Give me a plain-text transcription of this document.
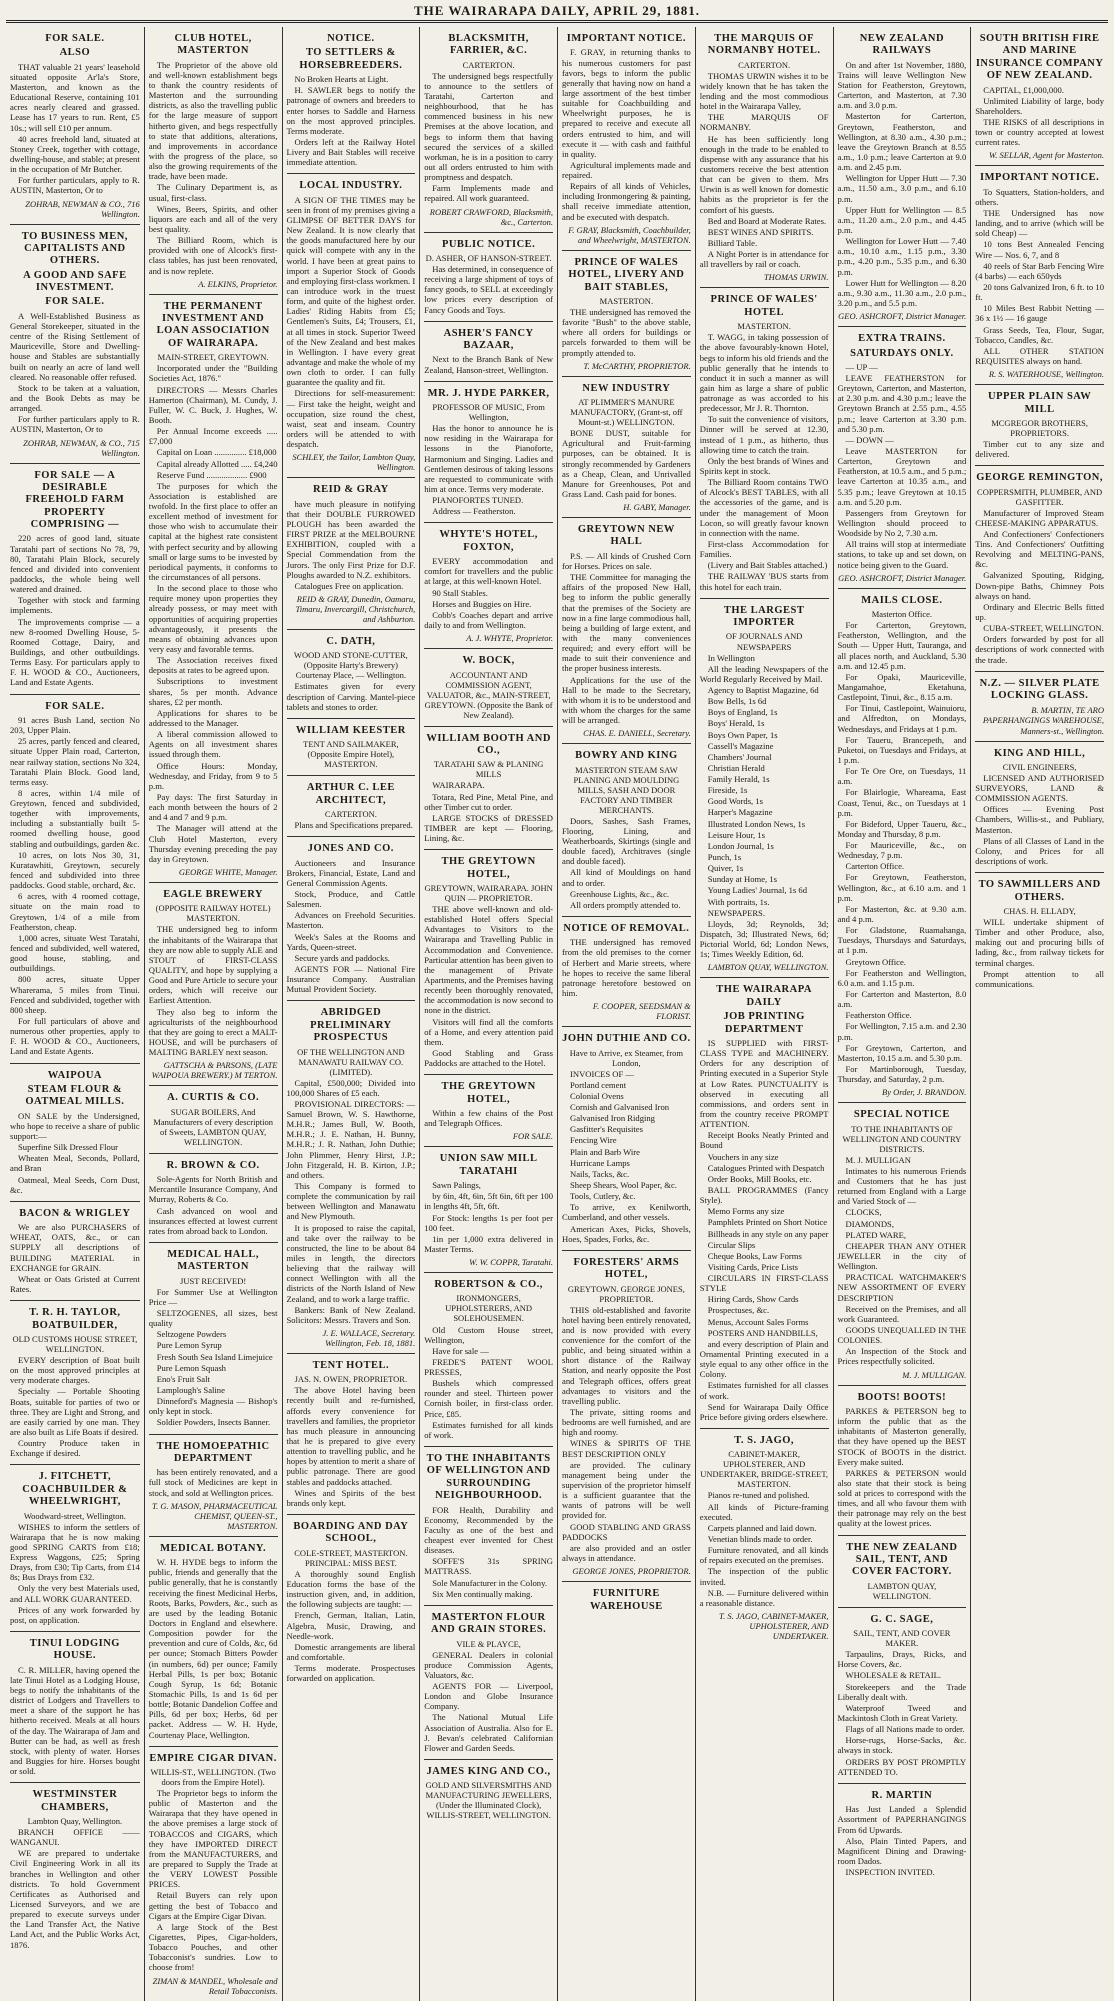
THE WAIRARAPA DAILY, APRIL 29, 1881.
FOR SALE.
ALSO
THAT valuable 21 years' leasehold situated opposite Ar'la's Store, Masterton, and known as the Educational Reserve, containing 101 acres nearly cleared and grassed. Lease has 17 years to run. Rent, £5 10s.; will sell £10 per annum.
40 acres freehold land, situated at Stoney Creek, together with cottage, dwelling-house, and stable; at present in the occupation of Mr Butcher.
For further particulars, apply to R. AUSTIN, Masterton, Or to
ZOHRAB, NEWMAN & CO., 716 Wellington.
TO BUSINESS MEN, CAPITALISTS AND OTHERS.
A GOOD AND SAFE INVESTMENT.
FOR SALE.
A Well-Established Business as General Storekeeper, situated in the centre of the Rising Settlement of Mauriceville, Store and Dwelling-house and Stables are substantially built on nearly an acre of land well cleared. No reasonable offer refused.
Stock to be taken at a valuation, and the Book Debts as may be arranged.
For further particulars apply to R. AUSTIN, Masterton, Or to
ZOHRAB, NEWMAN, & CO., 715 Wellington.
FOR SALE — A DESIRABLE FREEHOLD FARM PROPERTY COMPRISING —
220 acres of good land, situate Taratahi part of sections No 78, 79, 80, Taratahi Plain Block, securely fenced and divided into convenient paddocks, the whole being well watered and drained.
Together with stock and farming implements.
The improvements comprise — a new 8-roomed Dwelling House, 5-Roomed Cottage, Dairy, and Buildings, and other outbuildings. Terms Easy. For particulars apply to F. H. WOOD & CO., Auctioneers, Land and Estate Agents.
FOR SALE.
91 acres Bush Land, section No 203, Upper Plain.
25 acres, partly fenced and cleared, situate Upper Plain road, Carterton, near railway station, sections No 324, Taratahi Plain Block. Good land, terms easy.
8 acres, within 1/4 mile of Greytown, fenced and subdivided, together with improvements, including a substantially built 5-roomed dwelling house, good stabling and outbuildings, garden &c.
10 acres, on lots Nos 30, 31, Kuratawhiti, Greytown, securely fenced and subdivided into three paddocks. Good stable, orchard, &c.
6 acres, with 4 roomed cottage, situate on the main road to Greytown, 1/4 of a mile from Featherston, cheap.
1,000 acres, situate West Taratahi, fenced and subdivided, well watered, good house, stabling, and outbuildings.
800 acres, situate Upper Wharerama, 5 miles from Tinui. Fenced and subdivided, together with 800 sheep.
For full particulars of above and numerous other properties, apply to F. H. WOOD & CO., Auctioneers, Land and Estate Agents.
WAIPOUA
STEAM FLOUR & OATMEAL MILLS.
ON SALE by the Undersigned, who hope to receive a share of public support:—
Superfine Silk Dressed Flour
Wheaten Meal, Seconds, Pollard, and Bran
Oatmeal, Meal Seeds, Corn Dust, &c.
BACON & WRIGLEY
We are also PURCHASERS of WHEAT, OATS, &c., or can SUPPLY all descriptions of BUILDING MATERIAL in EXCHANGE for GRAIN.
Wheat or Oats Gristed at Current Rates.
T. R. H. TAYLOR, BOATBUILDER,
OLD CUSTOMS HOUSE STREET, WELLINGTON.
EVERY description of Boat built on the most approved principles at very moderate charges.
Specialty — Portable Shooting Boats, suitable for parties of two or three. They are Light and Strong, and are easily carried by one man. They are also built as Life Boats if desired.
Country Produce taken in Exchange if desired.
J. FITCHETT, COACHBUILDER & WHEELWRIGHT,
Woodward-street, Wellington.
WISHES to inform the settlers of Wairarapa that he is now making good SPRING CARTS from £18; Express Waggons, £25; Spring Drays, from £30; Tip Carts, from £14 8s; Bus Drays from £32.
Only the very best Materials used, and ALL WORK GUARANTEED.
Prices of any work forwarded by post, on application.
TINUI LODGING HOUSE.
C. R. MILLER, having opened the late Tinui Hotel as a Lodging House, begs to notify the inhabitants of the district of Lodgers and Travellers to meet a share of the support he has hitherto received. Meals at all hours of the day. The Wairarapa of Jam and Butter can be had, as well as fresh stock, with plenty of water. Horses and Buggies for hire. Horses bought or sold.
WESTMINSTER CHAMBERS,
Lambton Quay, Wellington.
BRANCH OFFICE —— WANGANUI.
WE are prepared to undertake Civil Engineering Work in all its branches in Wellington and other districts. To hold Government Certificates as Authorised and Licensed Surveyors, and we are prepared to execute surveys under the Land Transfer Act, the Native Land Act, and the Public Works Act, 1876.
CLUB HOTEL, MASTERTON
The Proprietor of the above old and well-known establishment begs to thank the country residents of Masterton and the surrounding districts, as also the travelling public for the large measure of support hitherto given, and begs respectfully to state that additions, alterations, and improvements in accordance with the progress of the place, so also the growing requirements of the trade, have been made.
The Culinary Department is, as usual, first-class.
Wines, Beers, Spirits, and other liquors are each and all of the very best quality.
The Billiard Room, which is provided with one of Alcock's first-class tables, has just been renovated, and is now replete.
A. ELKINS, Proprietor.
THE PERMANENT INVESTMENT AND LOAN ASSOCIATION OF WAIRARAPA.
MAIN-STREET, GREYTOWN.
Incorporated under the "Building Societies Act, 1876."
DIRECTORS — Messrs Charles Hamerton (Chairman), M. Cundy, J. Fuller, W. C. Buck, J. Hughes, W. Booth.
Per Annual Income exceeds ..... £7,000
Capital on Loan ............... £18,000
Capital already Allotted ..... £4,240
Reserve Fund ................... £900
The purposes for which the Association is established are twofold. In the first place to offer an excellent method of investment for those who wish to accumulate their capital at the highest rate consistent with perfect security and by allowing small or large sums to be invested by periodical payments, it conforms to the circumstances of all persons.
In the second place to those who require money upon properties they already possess, or may meet with opportunities of acquiring properties advantageously, it presents the means of obtaining advances upon very easy and favorable terms.
The Association receives fixed deposits at rates to be agreed upon.
Subscriptions to investment shares, 5s per month. Advance shares, £2 per month.
Applications for shares to be addressed to the Manager.
A liberal commission allowed to Agents on all investment shares issued through them.
Office Hours: Monday, Wednesday, and Friday, from 9 to 5 p.m.
Pay days: The first Saturday in each month between the hours of 2 and 4 and 7 and 9 p.m.
The Manager will attend at the Club Hotel Masterton, every Thursday evening preceding the pay day in Greytown.
GEORGE WHITE, Manager.
EAGLE BREWERY
(OPPOSITE RAILWAY HOTEL) MASTERTON.
THE undersigned beg to inform the inhabitants of the Wairarapa that they are now able to supply ALE and STOUT of FIRST-CLASS QUALITY, and hope by supplying a Good and Pure Article to secure your orders, which will receive our Earliest Attention.
They also beg to inform the agriculturists of the neighbourhood that they are going to erect a MALT-HOUSE, and will be purchasers of MALTING BARLEY next season.
GATTSCHA & PARSONS, (LATE WAIPOUA BREWERY.) M TERTON.
A. CURTIS & CO.
SUGAR BOILERS, And Manufacturers of every description of Sweets, LAMBTON QUAY, WELLINGTON.
R. BROWN & CO.
Sole-Agents for North British and Mercantile Insurance Company, And Murray, Roberts & Co.
Cash advanced on wool and insurances effected at lowest current rates from abroad back to London.
MEDICAL HALL, MASTERTON
JUST RECEIVED!
For Summer Use at Wellington Price —
SELTZOGENES, all sizes, best quality
Seltzogene Powders
Pure Lemon Syrup
Fresh South Sea Island Limejuice
Pure Lemon Squash
Eno's Fruit Salt
Lamplough's Saline
Dinneford's Magnesia — Bishop's only kept in stock.
Soldier Powders, Insects Banner.
THE HOMOEPATHIC DEPARTMENT
has been entirely renovated, and a full stock of Medicines are kept in stock, and sold at Wellington prices.
T. G. MASON, PHARMACEUTICAL CHEMIST, QUEEN-ST., MASTERTON.
MEDICAL BOTANY.
W. H. HYDE begs to inform the public, friends and generally that the public generally, that he is constantly receiving the finest Medicinal Herbs, Roots, Barks, Powders, &c., such as are used by the leading Botanic Doctors in England and elsewhere. Composition powder for the prevention and cure of Colds, &c, 6d per ounce; Stomach Bitters Powder (in numbers, 6d) per ounce; Family Herbal Pills, 1s per box; Botanic Cough Syrup, 1s 6d; Botanic Stomachic Pills, 1s and 1s 6d per bottle; Botanic Dandelion Coffee and Pills, 6d per box; Herbs, 6d per packet. Address — W. H. Hyde, Courtenay Place, Wellington.
EMPIRE CIGAR DIVAN.
WILLIS-ST., WELLINGTON. (Two doors from the Empire Hotel).
The Proprietor begs to inform the public of Masterton and the Wairarapa that they have opened in the above premises a large stock of TOBACCOS and CIGARS, which they have IMPORTED DIRECT from the MANUFACTURERS, and are prepared to Supply the Trade at the VERY LOWEST Possible PRICES.
Retail Buyers can rely upon getting the best of Tobacco and Cigars at the Empire Cigar Divan.
A large Stock of the Best Cigarettes, Pipes, Cigar-holders, Tobacco Pouches, and other Tobacconist's sundries. Low to choose from!
ZIMAN & MANDEL, Wholesale and Retail Tobacconists.
NOTICE.
TO SETTLERS & HORSEBREEDERS.
No Broken Hearts at Light.
H. SAWLER begs to notify the patronage of owners and breeders to enter horses to Saddle and Harness on the most approved principles. Terms moderate.
Orders left at the Railway Hotel Livery and Bait Stables will receive immediate attention.
LOCAL INDUSTRY.
A SIGN OF THE TIMES may be seen in front of my premises giving a GLIMPSE OF BETTER DAYS for New Zealand. It is now clearly that the goods manufactured here by our quick will compete with any in the world. I have been at great pains to import a Superior Stock of Goods and employing first-class workmen. I can introduce work in the truest form, and quite of the highest order. Ladies' Riding Habits from £5; Gentlemen's Suits, £4; Trousers, £1, at all times in stock. Superior Tweed of the New Zealand and best makes in Wellington. I have every great advantage and make the whole of my own cloth to order. I can fully guarantee the quality and fit.
Directions for self-measurement: — First take the height, weight and occupation, size round the chest, waist, seat and inseam. Country orders will be attended to with despatch.
SCHLEY, the Tailor, Lambton Quay, Wellington.
REID & GRAY
have much pleasure in notifying that their DOUBLE FURROWED PLOUGH has been awarded the FIRST PRIZE at the MELBOURNE EXHIBITION, coupled with a Special Commendation from the Jurors. The only First Prize for D.F. Ploughs awarded to N.Z. exhibitors.
Catalogues Free on application.
REID & GRAY, Dunedin, Oamaru, Timaru, Invercargill, Christchurch, and Ashburton.
C. DATH,
WOOD AND STONE-CUTTER, (Opposite Harty's Brewery) Courtenay Place, — Wellington.
Estimates given for every description of Carving. Mantel-piece tablets and stones to order.
WILLIAM KEESTER
TENT AND SAILMAKER, (Opposite Empire Hotel), MASTERTON.
ARTHUR C. LEE ARCHITECT,
CARTERTON.
Plans and Specifications prepared.
JONES AND CO.
Auctioneers and Insurance Brokers, Financial, Estate, Land and General Commission Agents.
Stock, Produce, and Cattle Salesmen.
Advances on Freehold Securities. Masterton.
Week's Sales at the Rooms and Yards, Queen-street.
Secure yards and paddocks.
AGENTS FOR — National Fire Insurance Company. Australian Mutual Provident Society.
ABRIDGED PRELIMINARY PROSPECTUS
OF THE WELLINGTON AND MANAWATU RAILWAY CO. (LIMITED).
Capital, £500,000; Divided into 100,000 Shares of £5 each.
PROVISIONAL DIRECTORS: — Samuel Brown, W. S. Hawthorne, M.H.R.; James Bull, W. Booth, M.H.R.; J. E. Nathan, H. Bunny, M.H.R.; J. R. Nathan, John Duthie; John Plimmer, Henry Hirst, J.P.; John Fitzgerald, H. B. Kirton, J.P.; and others.
This Company is formed to complete the communication by rail between Wellington and Manawatu and New Plymouth.
It is proposed to raise the capital, and take over the railway to be constructed, the line to be about 84 miles in length, the directors believing that the railway will connect Wellington with all the districts of the North Island of New Zealand, and to work a large traffic.
Bankers: Bank of New Zealand. Solicitors: Messrs. Travers and Son.
J. E. WALLACE, Secretary. Wellington, Feb. 18, 1881.
TENT HOTEL.
JAS. N. OWEN, PROPRIETOR.
The above Hotel having been recently built and re-furnished, affords every convenience for travellers and families, the proprietor has much pleasure in announcing that he is prepared to give every attention to travelling public, and he hopes by attention to merit a share of public patronage. There are good stables and paddocks attached.
Wines and Spirits of the best brands only kept.
BOARDING AND DAY SCHOOL,
COLE-STREET, MASTERTON. PRINCIPAL: MISS BEST.
A thoroughly sound English Education forms the base of the instruction given, and, in addition, the following subjects are taught: —
French, German, Italian, Latin, Algebra, Music, Drawing, and Needle-work.
Domestic arrangements are liberal and comfortable.
Terms moderate. Prospectuses forwarded on application.
BLACKSMITH, FARRIER, &C.
CARTERTON.
The undersigned begs respectfully to announce to the settlers of Taratahi, Carterton and neighbourhood, that he has commenced business in his new Premises at the above location, and begs to inform them that having secured the services of a skilled workman, he is in a position to carry out all orders entrusted to him with promptness and despatch.
Farm Implements made and repaired. All work guaranteed.
ROBERT CRAWFORD, Blacksmith, &c., Carterton.
PUBLIC NOTICE.
D. ASHER, OF HANSON-STREET.
Has determined, in consequence of receiving a large shipment of toys of fancy goods, to SELL at exceedingly low prices every description of Fancy Goods and Toys.
ASHER'S FANCY BAZAAR,
Next to the Branch Bank of New Zealand, Hanson-street, Wellington.
MR. J. HYDE PARKER,
PROFESSOR OF MUSIC, From Wellington,
Has the honor to announce he is now residing in the Wairarapa for lessons in the Pianoforte, Harmonium and Singing. Ladies and Gentlemen desirous of taking lessons are requested to communicate with him at once. Terms very moderate.
PIANOFORTES TUNED.
Address — Featherston.
WHYTE'S HOTEL, FOXTON,
EVERY accommodation and comfort for travellers and the public at large, at this well-known Hotel.
90 Stall Stables.
Horses and Buggies on Hire.
Cobb's Coaches depart and arrive daily to and from Wellington.
A. J. WHYTE, Proprietor.
W. BOCK,
ACCOUNTANT AND COMMISSION AGENT, VALUATOR, &c., MAIN-STREET, GREYTOWN. (Opposite the Bank of New Zealand).
WILLIAM BOOTH AND CO.,
TARATAHI SAW & PLANING MILLS
WAIRARAPA.
Totara, Red Pine, Metal Pine, and other Timber cut to order.
LARGE STOCKS of DRESSED TIMBER are kept — Flooring, Lining, &c.
THE GREYTOWN HOTEL,
GREYTOWN, WAIRARAPA. JOHN QUIN — PROPRIETOR.
THE above well-known and old-established Hotel offers Special Advantages to Visitors to the Wairarapa and Travelling Public in Accommodation and Convenience. Particular attention has been given to the management of Private Apartments, and the Premises having recently been thoroughly renovated, the accommodation is now second to none in the district.
Visitors will find all the comforts of a Home, and every attention paid them.
Good Stabling and Grass Paddocks are attached to the Hotel.
THE GREYTOWN HOTEL,
Within a few chains of the Post and Telegraph Offices.
FOR SALE.
UNION SAW MILL TARATAHI
Sawn Palings,
by 6in, 4ft, 6in, 5ft 6in, 6ft per 100 in lengths 4ft, 5ft, 6ft.
For Stock: lengths 1s per foot per 100 feet.
1in per 1,000 extra delivered in Master Terms.
W. W. COPPR, Taratahi.
ROBERTSON & CO.,
IRONMONGERS, UPHOLSTERERS, AND SOLEHOUSEMEN.
Old Custom House street, Wellington,
Have for sale —
FREDE'S PATENT WOOL PRESSES,
Bushels which compressed rounder and steel. Thirteen power Cornish boiler, in first-class order. Price, £85.
Estimates furnished for all kinds of work.
TO THE INHABITANTS OF WELLINGTON AND SURROUNDING NEIGHBOURHOOD.
FOR Health, Durability and Economy, Recommended by the Faculty as one of the best and cheapest ever invented for Chest diseases.
SOFFE'S 31s SPRING MATTRASS.
Sole Manufacturer in the Colony.
Six Men continually making.
MASTERTON FLOUR AND GRAIN STORES.
VILE & PLAYCE,
GENERAL Dealers in colonial produce Commission Agents, Valuators, &c.
AGENTS FOR — Liverpool, London and Globe Insurance Company.
The National Mutual Life Association of Australia. Also for E. J. Bevan's celebrated Californian Flower and Garden Seeds.
JAMES KING AND CO.,
GOLD AND SILVERSMITHS AND MANUFACTURING JEWELLERS, (Under the Illuminated Clock), WILLIS-STREET, WELLINGTON.
IMPORTANT NOTICE.
F. GRAY, in returning thanks to his numerous customers for past favors, begs to inform the public generally that having now on hand a large assortment of the best timber suitable for Coachbuilding and Wheelwright purposes, he is prepared to receive and execute all orders entrusted to him, and will execute it — with cash and faithful in quality.
Agricultural implements made and repaired.
Repairs of all kinds of Vehicles, including Ironmongering & painting, shall receive immediate attention, and be executed with despatch.
F. GRAY, Blacksmith, Coachbuilder, and Wheelwright, MASTERTON.
PRINCE OF WALES HOTEL, LIVERY AND BAIT STABLES,
MASTERTON.
THE undersigned has removed the favorite "Bush" to the above stable, where all orders for buildings or parcels forwarded to them will be promptly attended to.
T. McCARTHY, PROPRIETOR.
NEW INDUSTRY
AT PLIMMER'S MANURE MANUFACTORY, (Grant-st, off Mount-st.) WELLINGTON.
BONE DUST, suitable for Agricultural and Fruit-farming purposes, can be obtained. It is strongly recommended by Gardeners as a Cheap, Clean, and Unrivalled Manure for Greenhouses, Pot and Grass Land. Cash paid for bones.
H. GABY, Manager.
GREYTOWN NEW HALL
P.S. — All kinds of Crushed Corn for Horses. Prices on sale.
THE Committee for managing the affairs of the proposed New Hall, beg to inform the public generally that the premises of the Society are now in a fine large commodious hall, being a building of large extent, and with the many conveniences required; and every effort will be made to suit their convenience and the proper business interests.
Applications for the use of the Hall to be made to the Secretary, with whom it is to be understood and with whom the charges for the same will be arranged.
CHAS. E. DANIELL, Secretary.
BOWRY AND KING
MASTERTON STEAM SAW PLANING AND MOULDING MILLS, SASH AND DOOR FACTORY AND TIMBER MERCHANTS.
Doors, Sashes, Sash Frames, Flooring, Lining, and Weatherboards, Skirtings (single and double faced), Architraves (single and double faced).
All kind of Mouldings on hand and to order.
Greenhouse Lights, &c., &c.
All orders promptly attended to.
NOTICE OF REMOVAL.
THE undersigned has removed from the old premises to the corner of Herbert and Marie streets, where he hopes to receive the same liberal patronage heretofore bestowed on him.
F. COOPER, SEEDSMAN & FLORIST.
JOHN DUTHIE AND CO.
Have to Arrive, ex Steamer, from London,
INVOICES OF —
Portland cement
Colonial Ovens
Cornish and Galvanised Iron
Galvanised Iron Ridging
Gasfitter's Requisites
Fencing Wire
Plain and Barb Wire
Hurricane Lamps
Nails, Tacks, &c.
Sheep Shears, Wool Paper, &c.
Tools, Cutlery, &c.
To arrive, ex Kenilworth, Cumberland, and other vessels.
American Axes, Picks, Shovels, Hoes, Spades, Forks, &c.
FORESTERS' ARMS HOTEL,
GREYTOWN. GEORGE JONES, PROPRIETOR.
THIS old-established and favorite hotel having been entirely renovated, and is now provided with every convenience for the comfort of the public, and being situated within a short distance of the Railway Station, and nearly opposite the Post and Telegraph offices, offers great advantages to visitors and the travelling public.
The private, sitting rooms and bedrooms are well furnished, and are high and roomy.
WINES & SPIRITS OF THE BEST DESCRIPTION ONLY
are provided. The culinary management being under the supervision of the proprietor himself is a sufficient guarantee that the wants of patrons will be well provided for.
GOOD STABLING AND GRASS PADDOCKS
are also provided and an ostler always in attendance.
GEORGE JONES, PROPRIETOR.
FURNITURE WAREHOUSE
THE MARQUIS OF NORMANBY HOTEL.
CARTERTON.
THOMAS URWIN wishes it to be widely known that he has taken the lending and the most commodious hotel in the Wairarapa Valley,
THE MARQUIS OF NORMANBY.
He has been sufficiently long enough in the trade to be enabled to dispense with any assurance that his customers receive the best attention that can be given to them. Mrs Urwin is as well known for domestic habits as the proprietor is fer the comfort of his guests.
Bed and Board at Moderate Rates.
BEST WINES AND SPIRITS.
Billiard Table.
A Night Porter is in attendance for all travellers by rail or coach.
THOMAS URWIN.
PRINCE OF WALES' HOTEL
MASTERTON.
T. WAGG, in taking possession of the above favourably-known Hotel, begs to inform his old friends and the public generally that he intends to conduct it in such a manner as will gain him as large a share of public patronage as was accorded to his predecessor, Mr J. R. Thornton.
To suit the convenience of visitors, Dinner will be served at 12.30, instead of 1 p.m., as hitherto, thus allowing time to catch the train.
Only the best brands of Wines and Spirits kept in stock.
The Billiard Room contains TWO of Alcock's BEST TABLES, with all the accessories of the game, and is under the management of Moon Locon, so will greatly favour known in connection with the name.
First-class Accommodation for Families.
(Livery and Bait Stables attached.)
THE RAILWAY 'BUS starts from this hotel for each train.
THE LARGEST IMPORTER
OF JOURNALS AND NEWSPAPERS
In Wellington
All the leading Newspapers of the World Regularly Received by Mail.
Agency to Baptist Magazine, 6d
Bow Bells, 1s 6d
Boys of England, 1s
Boys' Herald, 1s
Boys Own Paper, 1s
Cassell's Magazine
Chambers' Journal
Christian Herald
Family Herald, 1s
Fireside, 1s
Good Words, 1s
Harper's Magazine
Illustrated London News, 1s
Leisure Hour, 1s
London Journal, 1s
Punch, 1s
Quiver, 1s
Sunday at Home, 1s
Young Ladies' Journal, 1s 6d
With portraits, 1s.
NEWSPAPERS.
Lloyds, 3d; Reynolds, 3d; Dispatch, 3d; Illustrated News, 6d; Pictorial World, 6d; London News, 1s; Times Weekly Edition, 6d.
LAMBTON QUAY, WELLINGTON.
THE WAIRARAPA DAILY
JOB PRINTING DEPARTMENT
IS SUPPLIED with FIRST-CLASS TYPE and MACHINERY. Orders for any description of Printing executed in a Superior Style at Low Rates. PUNCTUALITY is observed in executing all commissions, and orders sent in from the country receive PROMPT ATTENTION.
Receipt Books Neatly Printed and Bound
Vouchers in any size
Catalogues Printed with Despatch
Order Books, Mill Books, etc.
BALL PROGRAMMES (Fancy Style).
Memo Forms any size
Pamphlets Printed on Short Notice
Billheads in any style on any paper
Circular Slips
Cheque Books, Law Forms
Visiting Cards, Price Lists
CIRCULARS IN FIRST-CLASS STYLE
Hiring Cards, Show Cards
Prospectuses, &c.
Menus, Account Sales Forms
POSTERS AND HANDBILLS,
and every description of Plain and Ornamental Printing executed in a style equal to any other office in the Colony.
Estimates furnished for all classes of work.
Send for Wairarapa Daily Office Price before giving orders elsewhere.
T. S. JAGO,
CABINET-MAKER, UPHOLSTERER, AND UNDERTAKER, BRIDGE-STREET, MASTERTON.
Pianos re-tuned and polished.
All kinds of Picture-framing executed.
Carpets planned and laid down.
Venetian blinds made to order.
Furniture renovated, and all kinds of repairs executed on the premises.
The inspection of the public invited.
N.B. — Furniture delivered within a reasonable distance.
T. S. JAGO, CABINET-MAKER, UPHOLSTERER, AND UNDERTAKER.
NEW ZEALAND RAILWAYS
On and after 1st November, 1880, Trains will leave Wellington New Station for Featherston, Greytown, Carterton, and Masterton, at 7.30 a.m. and 3.0 p.m.
Masterton for Carterton, Greytown, Featherston, and Wellington, at 8.30 a.m., 4.30 p.m.; leave the Greytown Branch at 8.55 a.m., 1.0 p.m.; leave Carterton at 9.0 a.m. and 2.45 p.m.
Wellington for Upper Hutt — 7.30 a.m., 11.50 a.m., 3.0 p.m., and 6.10 p.m.
Upper Hutt for Wellington — 8.5 a.m., 11.20 a.m., 2.0 p.m., and 4.45 p.m.
Wellington for Lower Hutt — 7.40 a.m., 10.10 a.m., 1.15 p.m., 3.30 p.m., 4.20 p.m., 5.35 p.m., and 6.30 p.m.
Lower Hutt for Wellington — 8.20 a.m., 9.30 a.m., 11.30 a.m., 2.0 p.m., 3.20 p.m., and 5.5 p.m.
GEO. ASHCROFT, District Manager.
EXTRA TRAINS.
SATURDAYS ONLY.
— UP —
LEAVE FEATHERSTON for Greytown, Carterton, and Masterton, at 2.30 p.m. and 4.30 p.m.; leave the Greytown Branch at 2.55 p.m., 4.55 p.m.; leave Carterton at 3.30 p.m. and 5.30 p.m.
— DOWN —
Leave MASTERTON for Carterton, Greytown and Featherston, at 10.5 a.m., and 5 p.m.; leave Carterton at 10.35 a.m., and 5.35 p.m.; leave Greytown at 10.15 a.m. and 5.20 p.m.
Passengers from Greytown for Wellington should proceed to Woodside by No 2, 7.30 a.m.
All trains will stop at intermediate stations, to take up and set down, on notice being given to the Guard.
GEO. ASHCROFT, District Manager.
MAILS CLOSE.
Masterton Office.
For Carterton, Greytown, Featherston, Wellington, and the South — Upper Hutt, Tauranga, and all places north, and Auckland, 5.30 a.m. and 12.45 p.m.
For Opaki, Mauriceville, Mangamahoe, Eketahuna, Castlepoint, Tinui, &c., 8.15 a.m.
For Tinui, Castlepoint, Wainuioru, and Alfredton, on Mondays, Wednesdays, and Fridays at 1 p.m.
For Taueru, Brancepeth, and Puketoi, on Tuesdays and Fridays, at 1 p.m.
For Te Ore Ore, on Tuesdays, 11 a.m.
For Blairlogie, Whareama, East Coast, Tenui, &c., on Tuesdays at 1 p.m.
For Bideford, Upper Taueru, &c., Monday and Thursday, 8 p.m.
For Mauriceville, &c., on Wednesday, 7 p.m.
Carterton Office.
For Greytown, Featherston, Wellington, &c., at 6.10 a.m. and 1 p.m.
For Masterton, &c. at 9.30 a.m. and 4 p.m.
For Gladstone, Ruamahanga, Tuesdays, Thursdays and Saturdays, at 1 p.m.
Greytown Office.
For Featherston and Wellington, 6.0 a.m. and 1.15 p.m.
For Carterton and Masterton, 8.0 a.m.
Featherston Office.
For Wellington, 7.15 a.m. and 2.30 p.m.
For Greytown, Carterton, and Masterton, 10.15 a.m. and 5.30 p.m.
For Martinborough, Tuesday, Thursday, and Saturday, 2 p.m.
By Order, J. BRANDON.
SPECIAL NOTICE
TO THE INHABITANTS OF WELLINGTON AND COUNTRY DISTRICTS.
M. J. MULLIGAN
Intimates to his numerous Friends and Customers that he has just returned from England with a Large and Varied Stock of —
CLOCKS,
DIAMONDS,
PLATED WARE,
CHEAPER THAN ANY OTHER JEWELLER in the city of Wellington.
PRACTICAL WATCHMAKER'S NEW ASSORTMENT OF EVERY DESCRIPTION
Received on the Premises, and all work Guaranteed.
GOODS UNEQUALLED IN THE COLONIES.
An Inspection of the Stock and Prices respectfully solicited.
M. J. MULLIGAN.
BOOTS! BOOTS!
PARKES & PETERSON beg to inform the public that as the inhabitants of Masterton generally, that they have opened up the BEST STOCK of BOOTS in the district. Every make suited.
PARKES & PETERSON would also state that their stock is being sold at prices to correspond with the times, and all who favour them with their patronage may rely on the best quality at the lowest prices.
THE NEW ZEALAND SAIL, TENT, AND COVER FACTORY.
LAMBTON QUAY, WELLINGTON.
G. C. SAGE,
SAIL, TENT, AND COVER MAKER.
Tarpaulins, Drays, Ricks, and Horse Covers, &c.
WHOLESALE & RETAIL.
Storekeepers and the Trade Liberally dealt with.
Waterproof Tweed and Mackintosh Cloth in Great Variety.
Flags of all Nations made to order.
Horse-rugs, Horse-Sacks, &c. always in stock.
ORDERS BY POST PROMPTLY ATTENDED TO.
R. MARTIN
Has Just Landed a Splendid Assortment of PAPERHANGINGS From 6d Upwards.
Also, Plain Tinted Papers, and Magnificent Dining and Drawing-room Dados.
INSPECTION INVITED.
SOUTH BRITISH FIRE AND MARINE INSURANCE COMPANY OF NEW ZEALAND.
CAPITAL, £1,000,000.
Unlimited Liability of large, body Shareholders.
THE RISKS of all descriptions in town or country accepted at lowest current rates.
W. SELLAR, Agent for Masterton.
IMPORTANT NOTICE.
To Squatters, Station-holders, and others.
THE Undersigned has now landing, and to arrive (which will be sold Cheap) —
10 tons Best Annealed Fencing Wire — Nos. 6, 7, and 8
40 reels of Star Barb Fencing Wire (4 barbs) — each 650yds
20 tons Galvanized Iron, 6 ft. to 10 ft.
10 Miles Best Rabbit Netting — 36 x 1½ — 16 gauge
Grass Seeds, Tea, Flour, Sugar, Tobacco, Candles, &c.
ALL OTHER STATION REQUISITES always on hand.
R. S. WATERHOUSE, Wellington.
UPPER PLAIN SAW MILL
MCGREGOR BROTHERS, PROPRIETORS.
Timber cut to any size and delivered.
GEORGE REMINGTON,
COPPERSMITH, PLUMBER, AND GASFITTER.
Manufacturer of Improved Steam CHEESE-MAKING APPARATUS.
And Confectioners' Confectioners Tins. And Confectioners' Outfitting Revolving and MELTING-PANS, &c.
Galvanized Spouting, Ridging, Down-pipe Baths, Chimney Pots always on hand.
Ordinary and Electric Bells fitted up.
CUBA-STREET, WELLINGTON.
Orders forwarded by post for all descriptions of work connected with the trade.
N.Z. — SILVER PLATE LOCKING GLASS.
B. MARTIN, TE ARO PAPERHANGINGS WAREHOUSE, Manners-st., Wellington.
KING AND HILL,
CIVIL ENGINEERS,
LICENSED AND AUTHORISED SURVEYORS, LAND & COMMISSION AGENTS.
Offices — Evening Post Chambers, Willis-st., and Publiary, Masterton.
Plans of all Classes of Land in the Colony, and Prices for all descriptions of work.
TO SAWMILLERS AND OTHERS.
CHAS. H. ELLADY,
WILL undertake shipment of Timber and other Produce, also, making out and procuring bills of lading, &c., from railway tickets for terminal charges.
Prompt attention to all communications.
